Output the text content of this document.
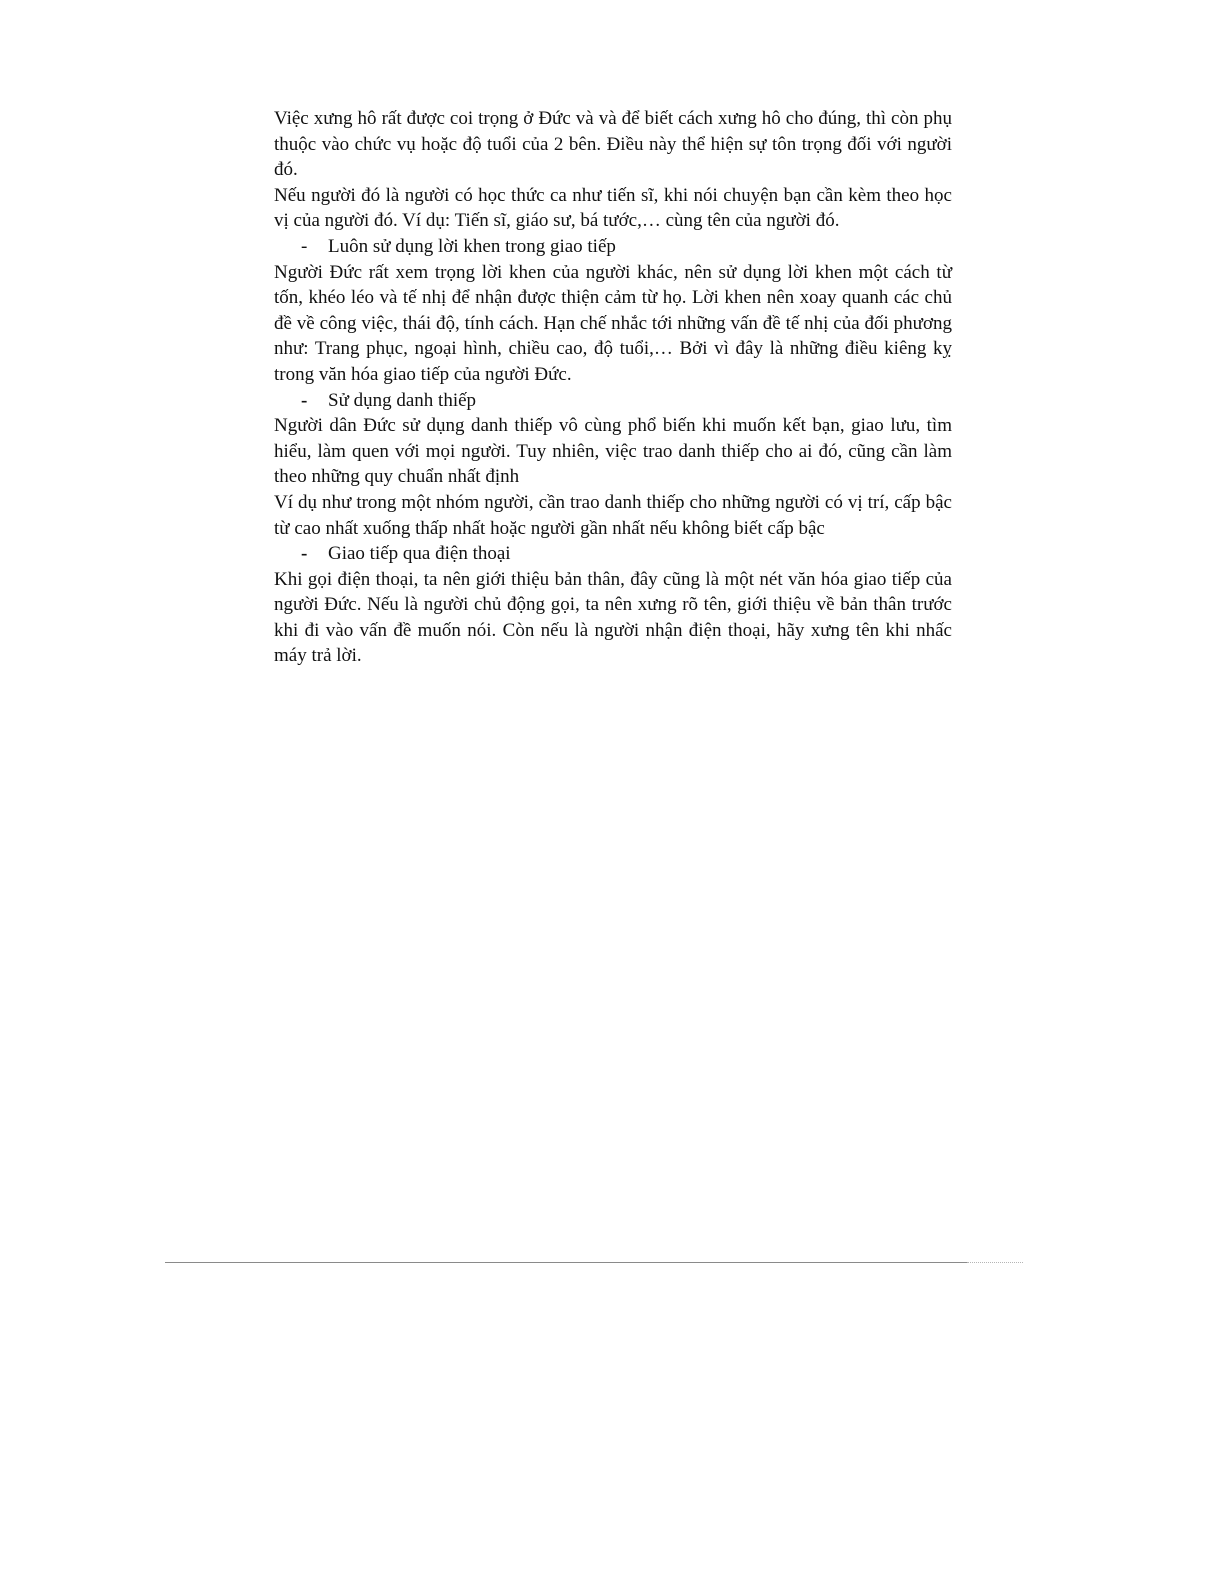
Việc xưng hô rất được coi trọng ở Đức và và để biết cách xưng hô cho đúng, thì còn phụ thuộc vào chức vụ hoặc độ tuổi của 2 bên. Điều này thể hiện sự tôn trọng đối với người đó.

Nếu người đó là người có học thức ca như tiến sĩ, khi nói chuyện bạn cần kèm theo học vị của người đó. Ví dụ: Tiến sĩ, giáo sư, bá tước,… cùng tên của người đó.

-	Luôn sử dụng lời khen trong giao tiếp

Người Đức rất xem trọng lời khen của người khác, nên sử dụng lời khen một cách từ tốn, khéo léo và tế nhị để nhận được thiện cảm từ họ. Lời khen nên xoay quanh các chủ đề về công việc, thái độ, tính cách. Hạn chế nhắc tới những vấn đề tế nhị của đối phương như: Trang phục, ngoại hình, chiều cao, độ tuổi,… Bởi vì đây là những điều kiêng kỵ trong văn hóa giao tiếp của người Đức.

-	Sử dụng danh thiếp

Người dân Đức sử dụng danh thiếp vô cùng phổ biến khi muốn kết bạn, giao lưu, tìm hiểu, làm quen với mọi người. Tuy nhiên, việc trao danh thiếp cho ai đó, cũng cần làm theo những quy chuẩn nhất định

Ví dụ như trong một nhóm người, cần trao danh thiếp cho những người có vị trí, cấp bậc từ cao nhất xuống thấp nhất hoặc người gần nhất nếu không biết cấp bậc

-	Giao tiếp qua điện thoại

Khi gọi điện thoại, ta nên giới thiệu bản thân, đây cũng là một nét văn hóa giao tiếp của người Đức. Nếu là người chủ động gọi, ta nên xưng rõ tên, giới thiệu về bản thân trước khi đi vào vấn đề muốn nói. Còn nếu là người nhận điện thoại, hãy xưng tên khi nhấc máy trả lời.
